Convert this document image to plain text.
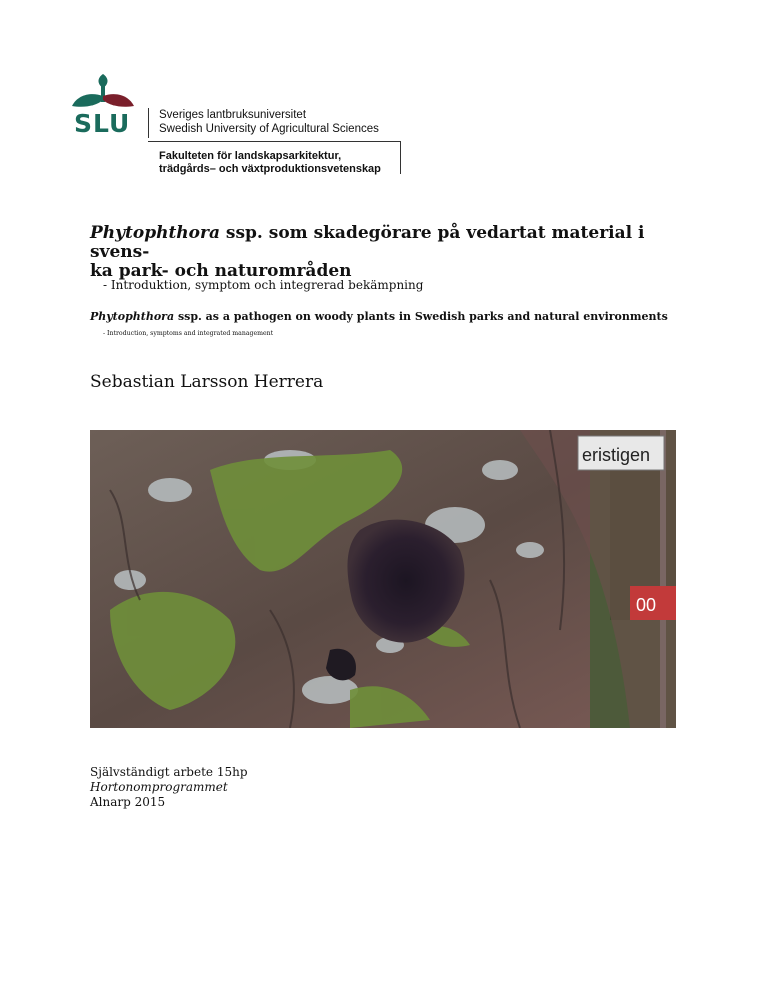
SLU Sveriges lantbruksuniversitet
Swedish University of Agricultural Sciences
Fakulteten för landskapsarkitektur,
trädgårds– och växtproduktionsvetenskap
Phytophthora ssp. som skadegörare på vedartat material i svens-
ka park- och naturområden
- Introduktion, symptom och integrerad bekämpning
Phytophthora ssp. as a pathogen on woody plants in Swedish parks and natural environments
- Introduction, symptoms and integrated management
Sebastian Larsson Herrera
eristigen
00
Självständigt arbete 15hp
Hortonomprogrammet
Alnarp 2015
